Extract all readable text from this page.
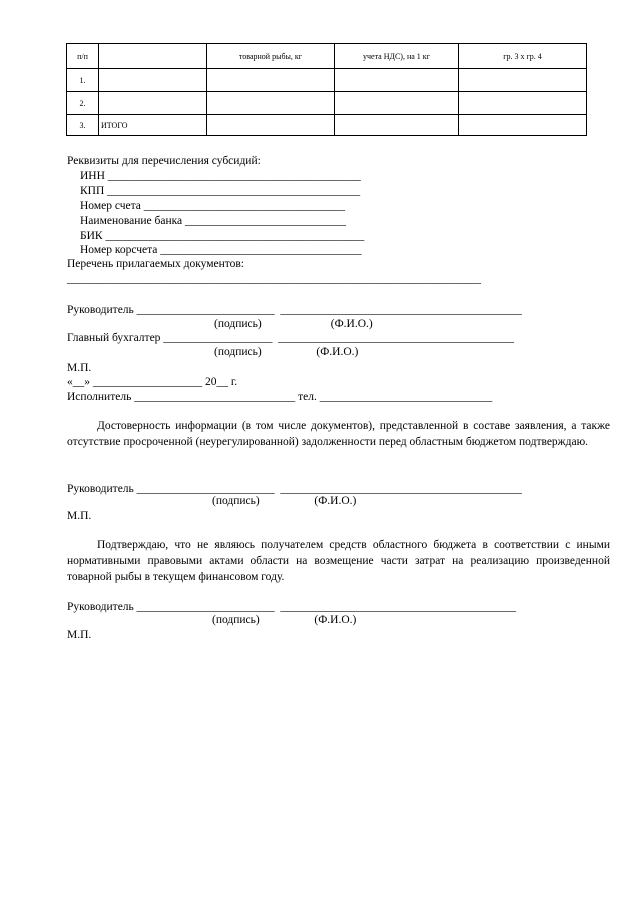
п/п		товарной рыбы, кг	учета НДС), на 1 кг	гр. 3 х гр. 4
1.				
2.				
3.	ИТОГО			
Реквизиты для перечисления субсидий:
ИНН ____________________________________________
КПП ____________________________________________
Номер счета ___________________________________
Наименование банка ____________________________
БИК _____________________________________________
Номер корсчета ___________________________________
Перечень прилагаемых документов:
________________________________________________________________________
Руководитель ________________________  __________________________________________
(подпись)                        (Ф.И.О.)
Главный бухгалтер ___________________  _________________________________________
(подпись)                   (Ф.И.О.)
М.П.
«__» ___________________ 20__ г.
Исполнитель ____________________________ тел. ______________________________
Достоверность информации (в том числе документов), представленной в составе заявления, а также отсутствие просроченной (неурегулированной) задолженности перед областным бюджетом подтверждаю.
Руководитель ________________________  __________________________________________
(подпись)                   (Ф.И.О.)
М.П.
Подтверждаю, что не являюсь получателем средств областного бюджета в соответствии с иными нормативными правовыми актами области на возмещение части затрат на реализацию произведенной товарной рыбы в текущем финансовом году.
Руководитель ________________________  _________________________________________
(подпись)                   (Ф.И.О.)
М.П.
